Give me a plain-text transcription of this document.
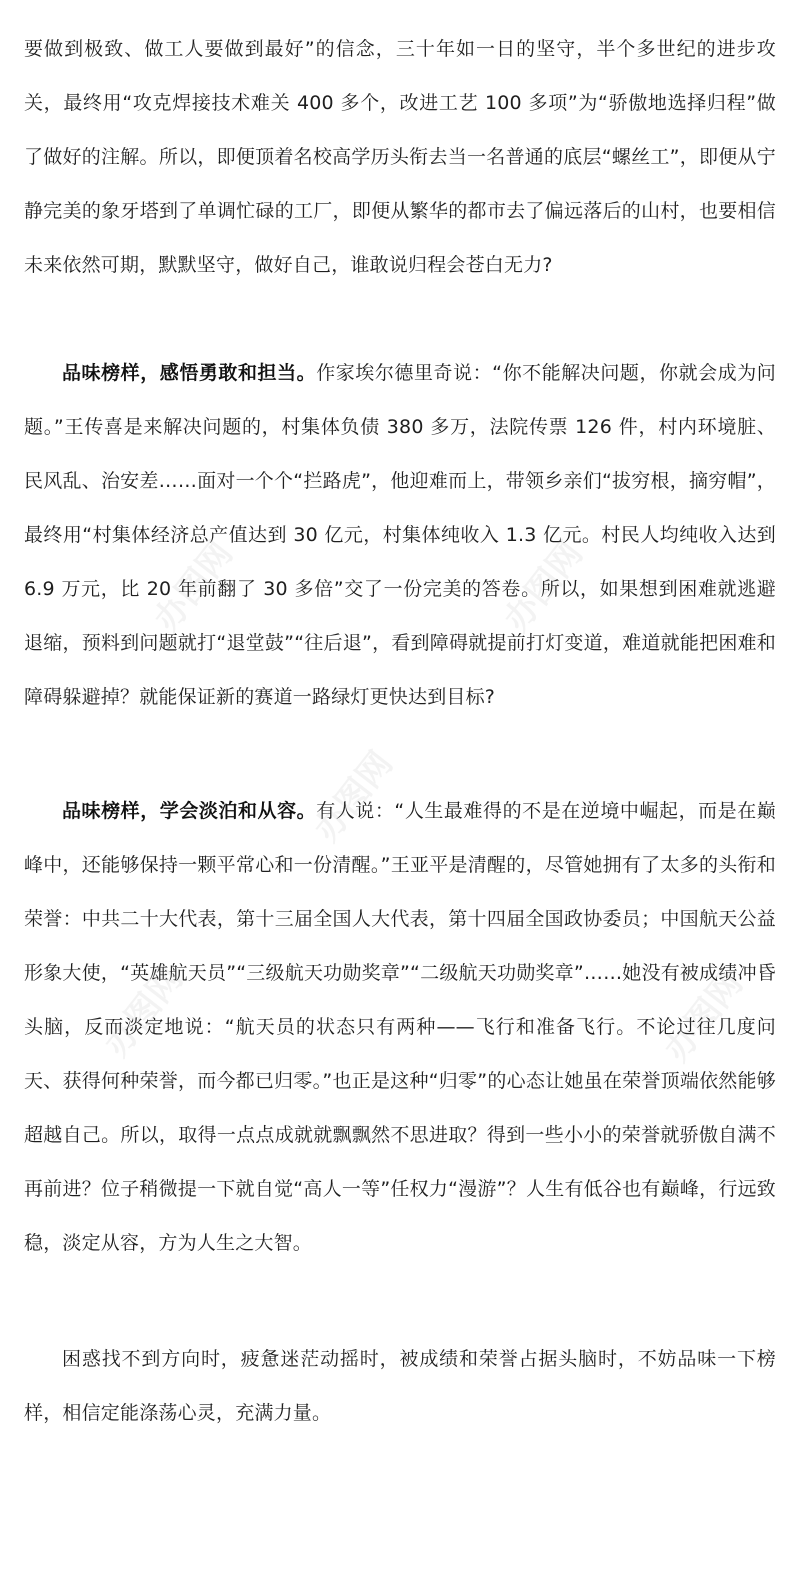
要做到极致、做工人要做到最好”的信念，三十年如一日的坚守，半个多世纪的进步攻关，最终用“攻克焊接技术难关 400 多个，改进工艺 100 多项”为“骄傲地选择归程”做了做好的注解。所以，即便顶着名校高学历头衔去当一名普通的底层“螺丝工”，即便从宁静完美的象牙塔到了单调忙碌的工厂，即便从繁华的都市去了偏远落后的山村，也要相信未来依然可期，默默坚守，做好自己，谁敢说归程会苍白无力?

品味榜样，感悟勇敢和担当。作家埃尔德里奇说：“你不能解决问题，你就会成为问题。”王传喜是来解决问题的，村集体负债 380 多万，法院传票 126 件，村内环境脏、民风乱、治安差……面对一个个“拦路虎”，他迎难而上，带领乡亲们“拔穷根，摘穷帽”，最终用“村集体经济总产值达到 30 亿元，村集体纯收入 1.3 亿元。村民人均纯收入达到 6.9 万元，比 20 年前翻了 30 多倍”交了一份完美的答卷。所以，如果想到困难就逃避退缩，预料到问题就打“退堂鼓”“往后退”，看到障碍就提前打灯变道，难道就能把困难和障碍躲避掉？就能保证新的赛道一路绿灯更快达到目标?

品味榜样，学会淡泊和从容。有人说：“人生最难得的不是在逆境中崛起，而是在巅峰中，还能够保持一颗平常心和一份清醒。”王亚平是清醒的，尽管她拥有了太多的头衔和荣誉：中共二十大代表，第十三届全国人大代表，第十四届全国政协委员；中国航天公益形象大使，“英雄航天员”“三级航天功勋奖章”“二级航天功勋奖章”……她没有被成绩冲昏头脑，反而淡定地说：“航天员的状态只有两种——飞行和准备飞行。不论过往几度问天、获得何种荣誉，而今都已归零。”也正是这种“归零”的心态让她虽在荣誉顶端依然能够超越自己。所以，取得一点点成就就飘飘然不思进取？得到一些小小的荣誉就骄傲自满不再前进？位子稍微提一下就自觉“高人一等”任权力“漫游”？人生有低谷也有巅峰，行远致稳，淡定从容，方为人生之大智。

困惑找不到方向时，疲惫迷茫动摇时，被成绩和荣誉占据头脑时，不妨品味一下榜样，相信定能涤荡心灵，充满力量。

办图网	办图网
办图网
办图网	办图网
